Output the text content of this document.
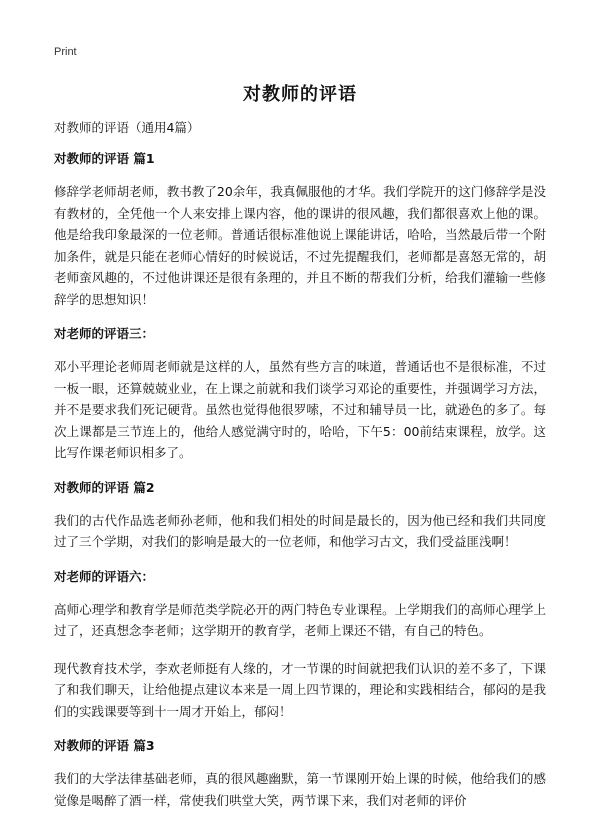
Print
对教师的评语

对教师的评语（通用4篇）

对教师的评语 篇1

修辞学老师胡老师，教书教了20余年，我真佩服他的才华。我们学院开的这门修辞学是没有教材的，全凭他一个人来安排上课内容，他的课讲的很风趣，我们都很喜欢上他的课。他是给我印象最深的一位老师。普通话很标准他说上课能讲话，哈哈，当然最后带一个附加条件，就是只能在老师心情好的时候说话，不过先提醒我们，老师都是喜怒无常的，胡老师蛮风趣的，不过他讲课还是很有条理的，并且不断的帮我们分析，给我们灌输一些修辞学的思想知识！

对老师的评语三：

邓小平理论老师周老师就是这样的人，虽然有些方言的味道，普通话也不是很标准，不过一板一眼，还算兢兢业业，在上课之前就和我们谈学习邓论的重要性，并强调学习方法，并不是要求我们死记硬背。虽然也觉得他很罗嗦，不过和辅导员一比，就逊色的多了。每次上课都是三节连上的，他给人感觉满守时的，哈哈，下午5：00前结束课程，放学。这比写作课老师识相多了。

对教师的评语 篇2

我们的古代作品选老师孙老师，他和我们相处的时间是最长的，因为他已经和我们共同度过了三个学期，对我们的影响是最大的一位老师，和他学习古文，我们受益匪浅啊！

对老师的评语六：

高师心理学和教育学是师范类学院必开的两门特色专业课程。上学期我们的高师心理学上过了，还真想念李老师；这学期开的教育学，老师上课还不错，有自己的特色。

现代教育技术学，李欢老师挺有人缘的，才一节课的时间就把我们认识的差不多了，下课了和我们聊天，让给他提点建议本来是一周上四节课的，理论和实践相结合，郁闷的是我们的实践课要等到十一周才开始上，郁闷！

对教师的评语 篇3

我们的大学法律基础老师，真的很风趣幽默，第一节课刚开始上课的时候，他给我们的感觉像是喝醉了酒一样，常使我们哄堂大笑，两节课下来，我们对老师的评价
